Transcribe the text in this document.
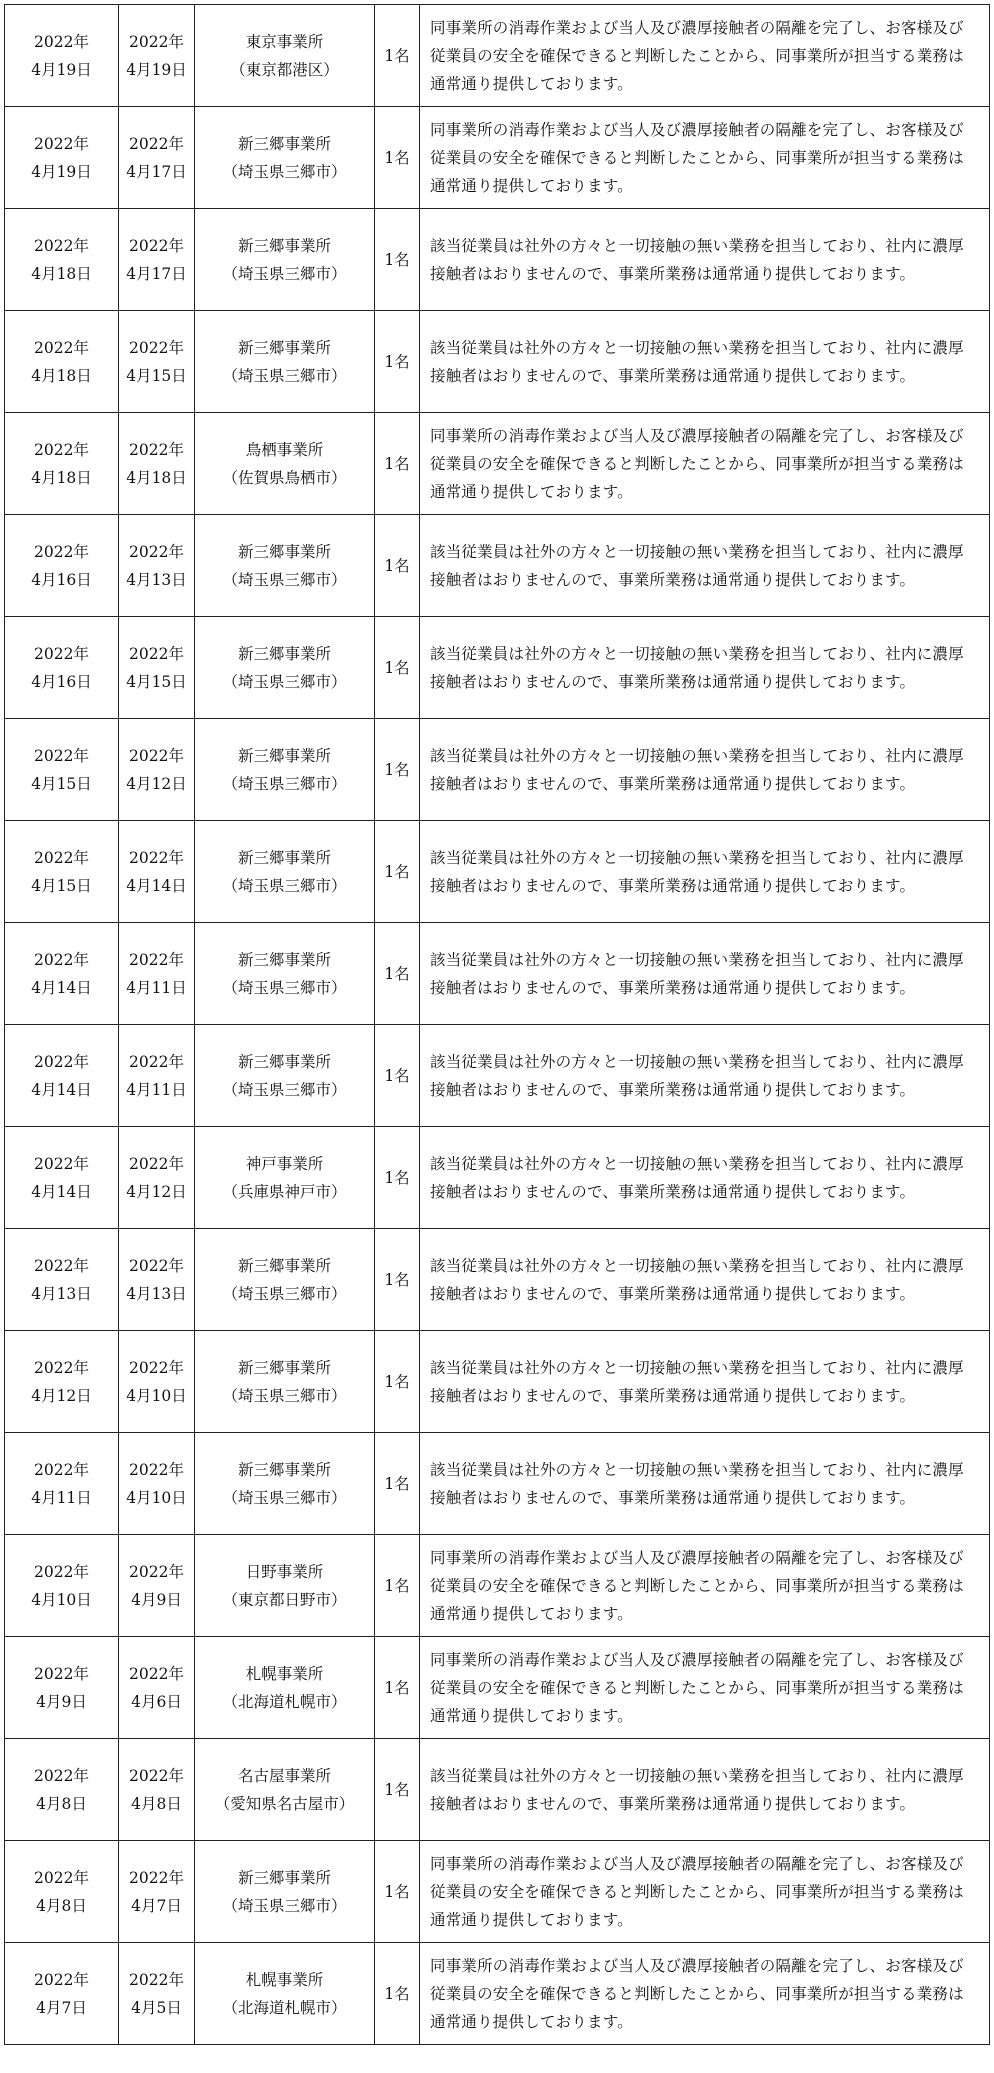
2022年
4月19日	2022年
4月19日	東京事業所
（東京都港区）	1名	同事業所の消毒作業および当人及び濃厚接触者の隔離を完了し、お客様及び従業員の安全を確保できると判断したことから、同事業所が担当する業務は通常通り提供しております。

2022年
4月19日	2022年
4月17日	新三郷事業所
（埼玉県三郷市）	1名	同事業所の消毒作業および当人及び濃厚接触者の隔離を完了し、お客様及び従業員の安全を確保できると判断したことから、同事業所が担当する業務は通常通り提供しております。

2022年
4月18日	2022年
4月17日	新三郷事業所
（埼玉県三郷市）	1名	該当従業員は社外の方々と一切接触の無い業務を担当しており、社内に濃厚接触者はおりませんので、事業所業務は通常通り提供しております。

2022年
4月18日	2022年
4月15日	新三郷事業所
（埼玉県三郷市）	1名	該当従業員は社外の方々と一切接触の無い業務を担当しており、社内に濃厚接触者はおりませんので、事業所業務は通常通り提供しております。

2022年
4月18日	2022年
4月18日	鳥栖事業所
（佐賀県鳥栖市）	1名	同事業所の消毒作業および当人及び濃厚接触者の隔離を完了し、お客様及び従業員の安全を確保できると判断したことから、同事業所が担当する業務は通常通り提供しております。

2022年
4月16日	2022年
4月13日	新三郷事業所
（埼玉県三郷市）	1名	該当従業員は社外の方々と一切接触の無い業務を担当しており、社内に濃厚接触者はおりませんので、事業所業務は通常通り提供しております。

2022年
4月16日	2022年
4月15日	新三郷事業所
（埼玉県三郷市）	1名	該当従業員は社外の方々と一切接触の無い業務を担当しており、社内に濃厚接触者はおりませんので、事業所業務は通常通り提供しております。

2022年
4月15日	2022年
4月12日	新三郷事業所
（埼玉県三郷市）	1名	該当従業員は社外の方々と一切接触の無い業務を担当しており、社内に濃厚接触者はおりませんので、事業所業務は通常通り提供しております。

2022年
4月15日	2022年
4月14日	新三郷事業所
（埼玉県三郷市）	1名	該当従業員は社外の方々と一切接触の無い業務を担当しており、社内に濃厚接触者はおりませんので、事業所業務は通常通り提供しております。

2022年
4月14日	2022年
4月11日	新三郷事業所
（埼玉県三郷市）	1名	該当従業員は社外の方々と一切接触の無い業務を担当しており、社内に濃厚接触者はおりませんので、事業所業務は通常通り提供しております。

2022年
4月14日	2022年
4月11日	新三郷事業所
（埼玉県三郷市）	1名	該当従業員は社外の方々と一切接触の無い業務を担当しており、社内に濃厚接触者はおりませんので、事業所業務は通常通り提供しております。

2022年
4月14日	2022年
4月12日	神戸事業所
（兵庫県神戸市）	1名	該当従業員は社外の方々と一切接触の無い業務を担当しており、社内に濃厚接触者はおりませんので、事業所業務は通常通り提供しております。

2022年
4月13日	2022年
4月13日	新三郷事業所
（埼玉県三郷市）	1名	該当従業員は社外の方々と一切接触の無い業務を担当しており、社内に濃厚接触者はおりませんので、事業所業務は通常通り提供しております。

2022年
4月12日	2022年
4月10日	新三郷事業所
（埼玉県三郷市）	1名	該当従業員は社外の方々と一切接触の無い業務を担当しており、社内に濃厚接触者はおりませんので、事業所業務は通常通り提供しております。

2022年
4月11日	2022年
4月10日	新三郷事業所
（埼玉県三郷市）	1名	該当従業員は社外の方々と一切接触の無い業務を担当しており、社内に濃厚接触者はおりませんので、事業所業務は通常通り提供しております。

2022年
4月10日	2022年
4月9日	日野事業所
（東京都日野市）	1名	同事業所の消毒作業および当人及び濃厚接触者の隔離を完了し、お客様及び従業員の安全を確保できると判断したことから、同事業所が担当する業務は通常通り提供しております。

2022年
4月9日	2022年
4月6日	札幌事業所
（北海道札幌市）	1名	同事業所の消毒作業および当人及び濃厚接触者の隔離を完了し、お客様及び従業員の安全を確保できると判断したことから、同事業所が担当する業務は通常通り提供しております。

2022年
4月8日	2022年
4月8日	名古屋事業所
（愛知県名古屋市）	1名	該当従業員は社外の方々と一切接触の無い業務を担当しており、社内に濃厚接触者はおりませんので、事業所業務は通常通り提供しております。

2022年
4月8日	2022年
4月7日	新三郷事業所
（埼玉県三郷市）	1名	同事業所の消毒作業および当人及び濃厚接触者の隔離を完了し、お客様及び従業員の安全を確保できると判断したことから、同事業所が担当する業務は通常通り提供しております。

2022年
4月7日	2022年
4月5日	札幌事業所
（北海道札幌市）	1名	同事業所の消毒作業および当人及び濃厚接触者の隔離を完了し、お客様及び従業員の安全を確保できると判断したことから、同事業所が担当する業務は通常通り提供しております。
